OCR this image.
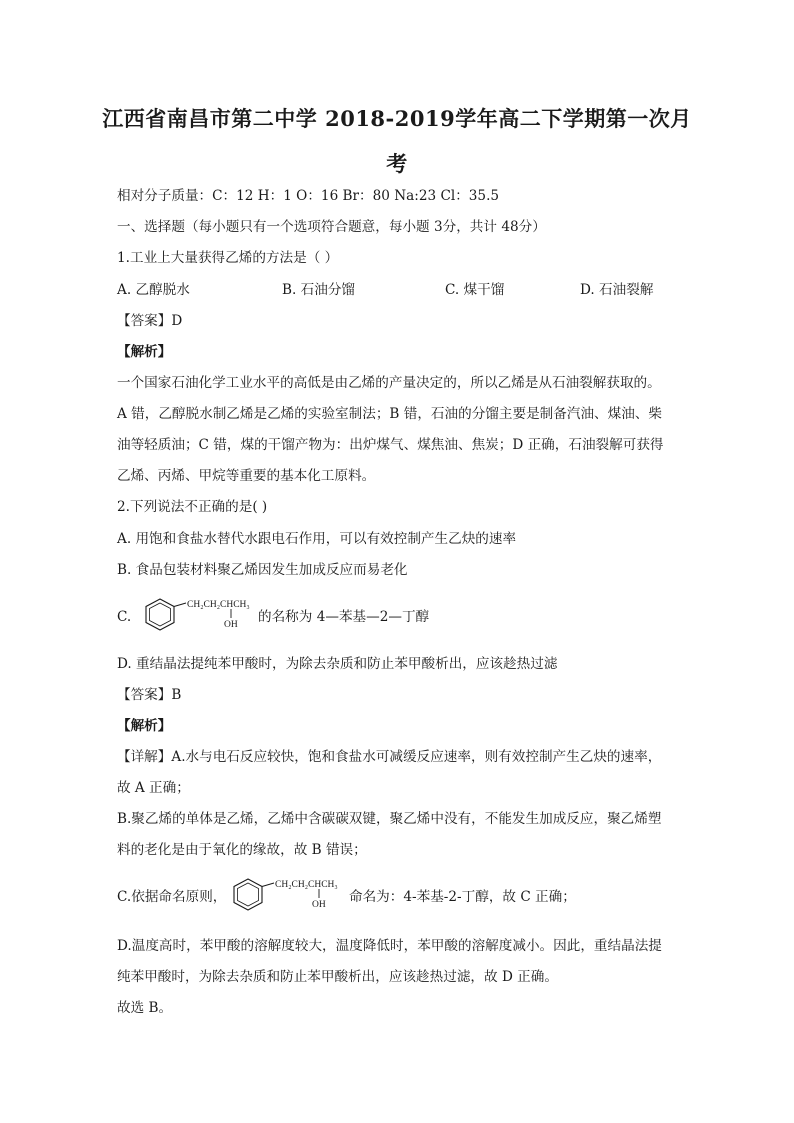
江西省南昌市第二中学 2018-2019学年高二下学期第一次月
考
相对分子质量：C：12 H：1 O：16 Br：80 Na:23 Cl：35.5
一、选择题（每小题只有一个选项符合题意，每小题 3分，共计 48分）
1.工业上大量获得乙烯的方法是（ ）
A. 乙醇脱水	B. 石油分馏	C. 煤干馏	D. 石油裂解
【答案】D
【解析】
一个国家石油化学工业水平的高低是由乙烯的产量决定的，所以乙烯是从石油裂解获取的。
A 错，乙醇脱水制乙烯是乙烯的实验室制法；B 错，石油的分馏主要是制备汽油、煤油、柴
油等轻质油；C 错，煤的干馏产物为：出炉煤气、煤焦油、焦炭；D 正确，石油裂解可获得
乙烯、丙烯、甲烷等重要的基本化工原料。
2.下列说法不正确的是( )
A. 用饱和食盐水替代水跟电石作用，可以有效控制产生乙炔的速率
B. 食品包装材料聚乙烯因发生加成反应而易老化
C.
CH₂CH₂CHCH₃
OH 的名称为 4—苯基—2—丁醇
D. 重结晶法提纯苯甲酸时，为除去杂质和防止苯甲酸析出，应该趁热过滤
【答案】B
【解析】
【详解】A.水与电石反应较快，饱和食盐水可减缓反应速率，则有效控制产生乙炔的速率，
故 A 正确；
B.聚乙烯的单体是乙烯，乙烯中含碳碳双键，聚乙烯中没有，不能发生加成反应，聚乙烯塑
料的老化是由于氧化的缘故，故 B 错误；
C.依据命名原则，
CH₂CH₂CHCH₃
OH 命名为：4-苯基-2-丁醇，故 C 正确；
D.温度高时，苯甲酸的溶解度较大，温度降低时，苯甲酸的溶解度减小。因此，重结晶法提
纯苯甲酸时，为除去杂质和防止苯甲酸析出，应该趁热过滤，故 D 正确。
故选 B。
